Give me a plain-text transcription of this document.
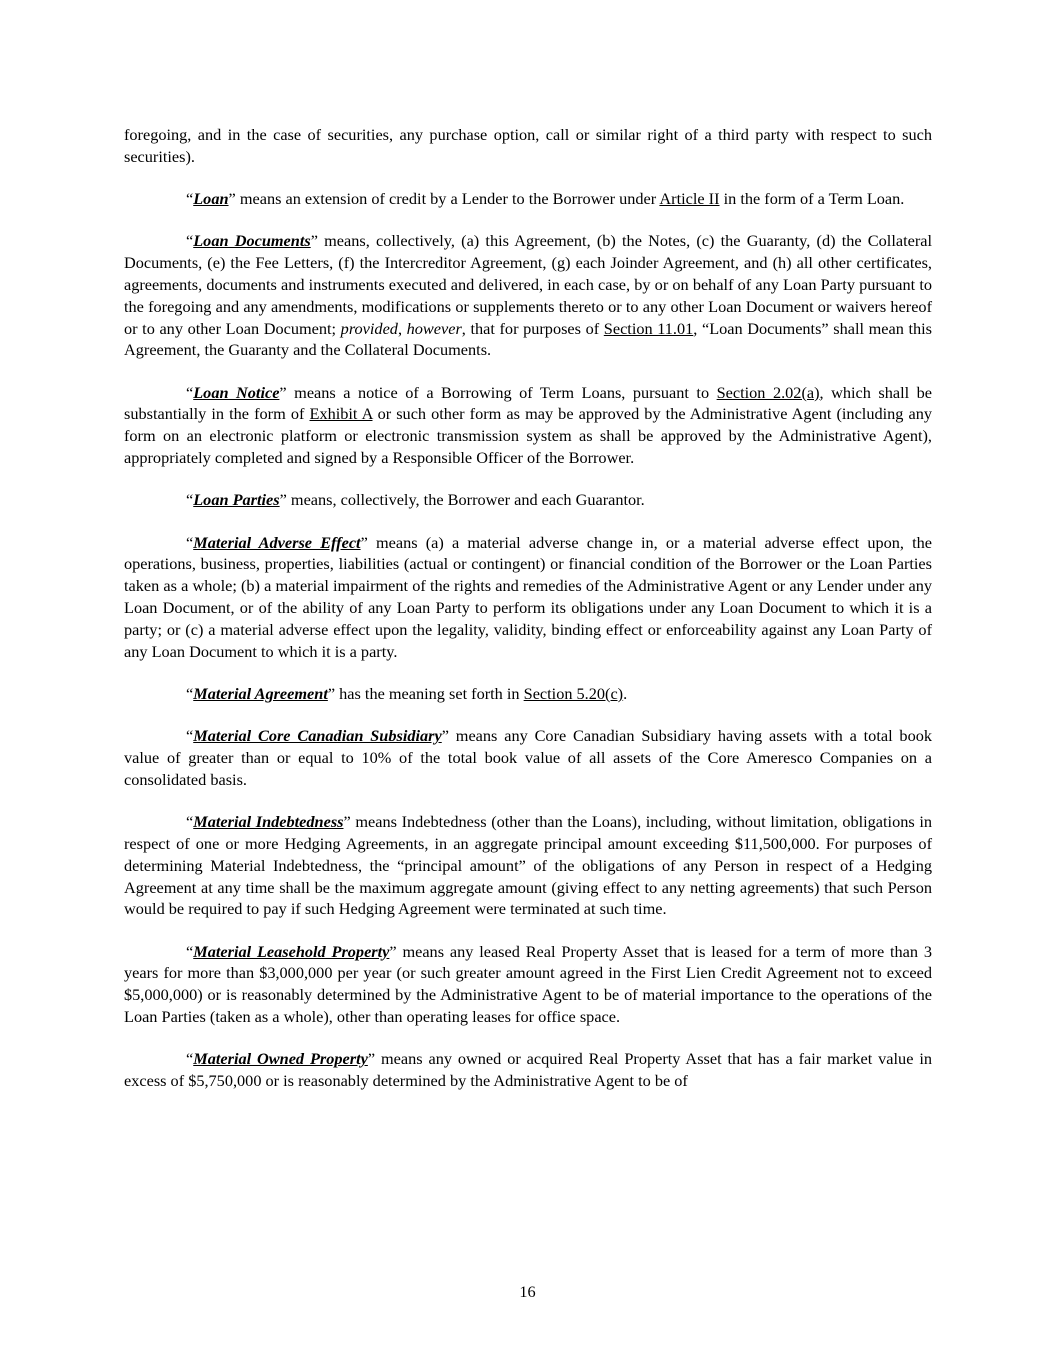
foregoing, and in the case of securities, any purchase option, call or similar right of a third party with respect to such securities).

“Loan” means an extension of credit by a Lender to the Borrower under Article II in the form of a Term Loan.

“Loan Documents” means, collectively, (a) this Agreement, (b) the Notes, (c) the Guaranty, (d) the Collateral Documents, (e) the Fee Letters, (f) the Intercreditor Agreement, (g) each Joinder Agreement, and (h) all other certificates, agreements, documents and instruments executed and delivered, in each case, by or on behalf of any Loan Party pursuant to the foregoing and any amendments, modifications or supplements thereto or to any other Loan Document or waivers hereof or to any other Loan Document; provided, however, that for purposes of Section 11.01, “Loan Documents” shall mean this Agreement, the Guaranty and the Collateral Documents.

“Loan Notice” means a notice of a Borrowing of Term Loans, pursuant to Section 2.02(a), which shall be substantially in the form of Exhibit A or such other form as may be approved by the Administrative Agent (including any form on an electronic platform or electronic transmission system as shall be approved by the Administrative Agent), appropriately completed and signed by a Responsible Officer of the Borrower.

“Loan Parties” means, collectively, the Borrower and each Guarantor.

“Material Adverse Effect” means (a) a material adverse change in, or a material adverse effect upon, the operations, business, properties, liabilities (actual or contingent) or financial condition of the Borrower or the Loan Parties taken as a whole; (b) a material impairment of the rights and remedies of the Administrative Agent or any Lender under any Loan Document, or of the ability of any Loan Party to perform its obligations under any Loan Document to which it is a party; or (c) a material adverse effect upon the legality, validity, binding effect or enforceability against any Loan Party of any Loan Document to which it is a party.

“Material Agreement” has the meaning set forth in Section 5.20(c).

“Material Core Canadian Subsidiary” means any Core Canadian Subsidiary having assets with a total book value of greater than or equal to 10% of the total book value of all assets of the Core Ameresco Companies on a consolidated basis.

“Material Indebtedness” means Indebtedness (other than the Loans), including, without limitation, obligations in respect of one or more Hedging Agreements, in an aggregate principal amount exceeding $11,500,000. For purposes of determining Material Indebtedness, the “principal amount” of the obligations of any Person in respect of a Hedging Agreement at any time shall be the maximum aggregate amount (giving effect to any netting agreements) that such Person would be required to pay if such Hedging Agreement were terminated at such time.

“Material Leasehold Property” means any leased Real Property Asset that is leased for a term of more than 3 years for more than $3,000,000 per year (or such greater amount agreed in the First Lien Credit Agreement not to exceed $5,000,000) or is reasonably determined by the Administrative Agent to be of material importance to the operations of the Loan Parties (taken as a whole), other than operating leases for office space.

“Material Owned Property” means any owned or acquired Real Property Asset that has a fair market value in excess of $5,750,000 or is reasonably determined by the Administrative Agent to be of

16
